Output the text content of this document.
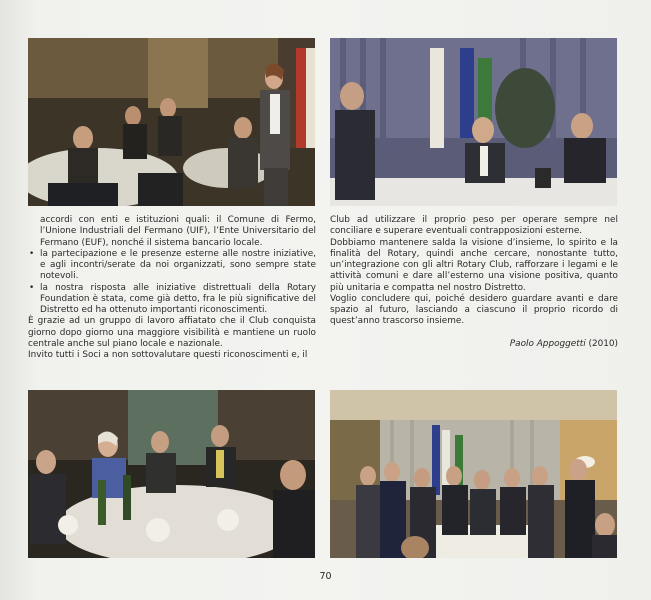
accordi con enti e istituzioni quali: il Comune di Fermo, l’Unione Industriali del Fermano (UIF), l’Ente Universitario del Fermano (EUF), nonché il sistema bancario locale.

• la partecipazione e le presenze esterne alle nostre iniziative, e agli incontri/serate da noi organizzati, sono sempre state notevoli.
• la nostra risposta alle iniziative distrettuali della Rotary Foundation è stata, come già detto, fra le più significative del Distretto ed ha ottenuto importanti riconoscimenti.

È grazie ad un gruppo di lavoro affiatato che il Club conquista giorno dopo giorno una maggiore visibilità e mantiene un ruolo centrale anche sul piano locale e nazionale.

Invito tutti i Soci a non sottovalutare questi riconoscimenti e, il

Club ad utilizzare il proprio peso per operare sempre nel conciliare e superare eventuali contrapposizioni esterne.

Dobbiamo mantenere salda la visione d’insieme, lo spirito e la finalità del Rotary, quindi anche cercare, nonostante tutto, un’integrazione con gli altri Rotary Club, rafforzare i legami e le attività comuni e dare all’esterno una visione positiva, quanto più unitaria e compatta nel nostro Distretto.

Voglio concludere qui, poiché desidero guardare avanti e dare spazio al futuro, lasciando a ciascuno il proprio ricordo di quest’anno trascorso insieme.

Paolo Appoggetti (2010)

70
